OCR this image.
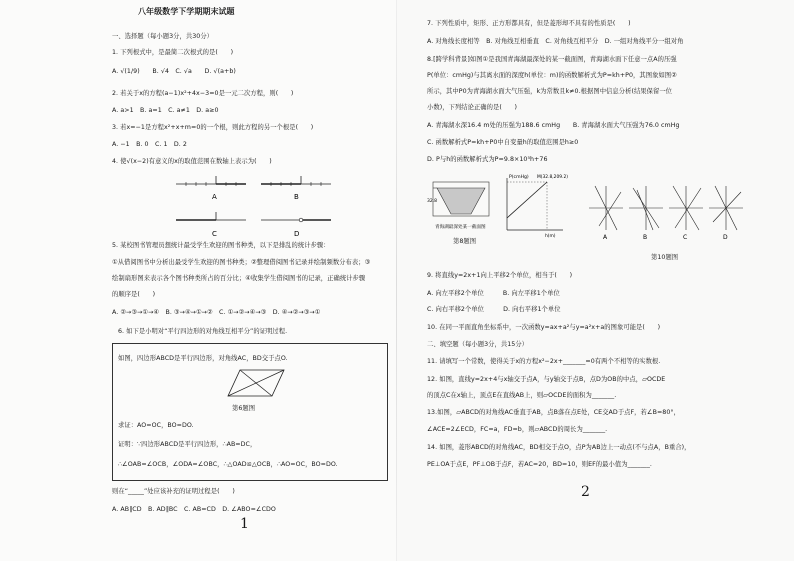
八年级数学下学期期末试题
一、选择题（每小题3分，共30分）
1. 下列根式中，是最简二次根式的是(　　)
A. √(1/9)　　B. √4　C. √a　　D. √(a+b)
2. 若关于x的方程(a−1)x²+4x−3=0是一元二次方程，则(　　)
A. a>1　B. a=1　C. a≠1　D. a≥0
3. 若x=−1是方程x²+x+m=0的一个根，则此方程的另一个根是(　　)
A. −1　B. 0　C. 1　D. 2
4. 使√(x−2)有意义的x的取值范围在数轴上表示为(　　)
A	B
C	D
5. 某校图书管理员想统计最受学生欢迎的图书种类，以下是排乱的统计步骤：
①从借阅图书中分析出最受学生欢迎的图书种类；②整理借阅图书记录并绘制频数分布表；③
绘制扇形图来表示各个图书种类所占的百分比；④收集学生借阅图书的记录，正确统计步骤
的顺序是(　　)
A. ②→③→①→④　B. ③→④→①→②　C. ①→②→④→③　D. ④→②→③→①
6. 如下是小明对“平行四边形的对角线互相平分”的证明过程.
如图，四边形ABCD是平行四边形，对角线AC，BD交于点O.
第6题图
求证：AO=OC，BO=DO.
证明：∵四边形ABCD是平行四边形，∴AB=DC，
∴∠OAB=∠OCB，∠ODA=∠OBC，∴△OAD≌△OCB，∴AO=OC，BO=DO.
则在“_____”处应该补充的证明过程是(　　)
A. AB∥CD　B. AD∥BC　C. AB=CD　D. ∠ABO=∠CDO
1
7. 下列性质中，矩形、正方形都具有，但是菱形却不具有的性质是(　　)
A. 对角线长度相等　B. 对角线互相垂直　C. 对角线互相平分　D. 一组对角线平分一组对角
8.[跨学科背景]如图①是我国青海湖最深处的某一截面图，青海湖水面下任意一点A的压强
P(单位：cmHg)与其离水面的深度h(单位：m)的函数解析式为P=kh+P0，其图象如图②
所示，其中P0为青海湖水面大气压强，k为常数且k≠0.根据图中信息分析(结果保留一位
小数)，下列结论正确的是(　　)
A. 青海湖水深16.4 m处的压强为188.6 cmHg　　B. 青海湖水面大气压强为76.0 cmHg
C. 函数解析式P=kh+P0中自变量h的取值范围是h≥0
D. P与h的函数解析式为P=9.8×10⁵h+76
青海湖最深处某一截面图
32.8
P(cmHg) M(32.8,209.2)
h(m)
第8题图
A	B	C	D
第10题图
9. 将直线y=2x+1向上平移2个单位，相当于(　　)
A. 向左平移2个单位　　　B. 向左平移1个单位
C. 向右平移2个单位　　　D. 向右平移1个单位
10. 在同一平面直角坐标系中，一次函数y=ax+a²与y=a²x+a的图象可能是(　　)
二、填空题（每小题3分，共15分）
11. 请填写一个常数，使得关于x的方程x²−2x+_______=0有两个不相等的实数根.
12. 如图，直线y=2x+4与x轴交于点A，与y轴交于点B，点D为OB的中点，▱OCDE
的顶点C在x轴上，顶点E在直线AB上，则▱OCDE的面积为_______.
13.如图，▱ABCD的对角线AC垂直于AB，点B落在点E处，CE交AD于点F，若∠B=80°，
∠ACE=2∠ECD，FC=a，FD=b，则▱ABCD的周长为_______.
14. 如图，菱形ABCD的对角线AC，BD相交于点O，点P为AB边上一动点(不与点A，B重合)，
PE⊥OA于点E，PF⊥OB于点F，若AC=20，BD=10，则EF的最小值为_______.
2
